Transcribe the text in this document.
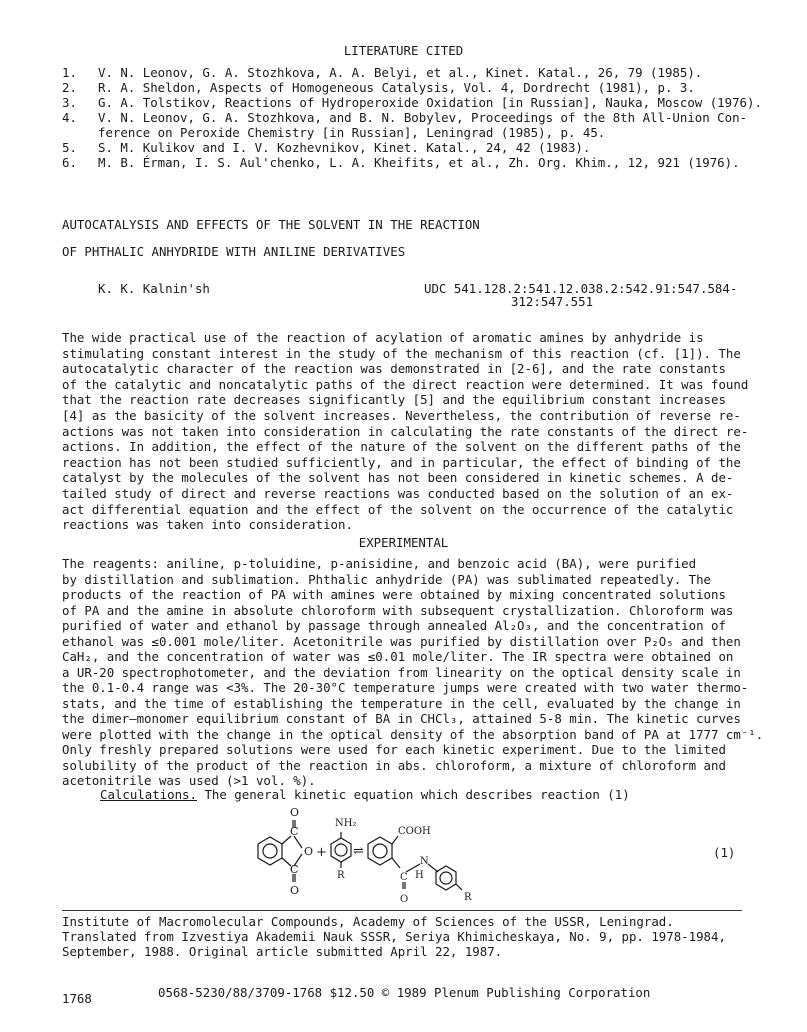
LITERATURE CITED
1.	V. N. Leonov, G. A. Stozhkova, A. A. Belyi, et al., Kinet. Katal., 26, 79 (1985).
2.	R. A. Sheldon, Aspects of Homogeneous Catalysis, Vol. 4, Dordrecht (1981), p. 3.
3.	G. A. Tolstikov, Reactions of Hydroperoxide Oxidation [in Russian], Nauka, Moscow (1976).
4.	V. N. Leonov, G. A. Stozhkova, and B. N. Bobylev, Proceedings of the 8th All-Union Con-
ference on Peroxide Chemistry [in Russian], Leningrad (1985), p. 45.
5.	S. M. Kulikov and I. V. Kozhevnikov, Kinet. Katal., 24, 42 (1983).
6.	M. B. Érman, I. S. Aul'chenko, L. A. Kheifits, et al., Zh. Org. Khim., 12, 921 (1976).
AUTOCATALYSIS AND EFFECTS OF THE SOLVENT IN THE REACTION
OF PHTHALIC ANHYDRIDE WITH ANILINE DERIVATIVES
K. K. Kalnin'sh	UDC 541.128.2:541.12.038.2:542.91:547.584-
312:547.551
The wide practical use of the reaction of acylation of aromatic amines by anhydride is
stimulating constant interest in the study of the mechanism of this reaction (cf. [1]). The
autocatalytic character of the reaction was demonstrated in [2-6], and the rate constants
of the catalytic and noncatalytic paths of the direct reaction were determined. It was found
that the reaction rate decreases significantly [5] and the equilibrium constant increases
[4] as the basicity of the solvent increases. Nevertheless, the contribution of reverse re-
actions was not taken into consideration in calculating the rate constants of the direct re-
actions. In addition, the effect of the nature of the solvent on the different paths of the
reaction has not been studied sufficiently, and in particular, the effect of binding of the
catalyst by the molecules of the solvent has not been considered in kinetic schemes. A de-
tailed study of direct and reverse reactions was conducted based on the solution of an ex-
act differential equation and the effect of the solvent on the occurrence of the catalytic
reactions was taken into consideration.
EXPERIMENTAL
The reagents: aniline, p-toluidine, p-anisidine, and benzoic acid (BA), were purified
by distillation and sublimation. Phthalic anhydride (PA) was sublimated repeatedly. The
products of the reaction of PA with amines were obtained by mixing concentrated solutions
of PA and the amine in absolute chloroform with subsequent crystallization. Chloroform was
purified of water and ethanol by passage through annealed Al₂O₃, and the concentration of
ethanol was ≤0.001 mole/liter. Acetonitrile was purified by distillation over P₂O₅ and then
CaH₂, and the concentration of water was ≤0.01 mole/liter. The IR spectra were obtained on
a UR-20 spectrophotometer, and the deviation from linearity on the optical density scale in
the 0.1-0.4 range was <3%. The 20-30°C temperature jumps were created with two water thermo-
stats, and the time of establishing the temperature in the cell, evaluated by the change in
the dimer—monomer equilibrium constant of BA in CHCl₃, attained 5-8 min. The kinetic curves
were plotted with the change in the optical density of the absorption band of PA at 1777 cm⁻¹.
Only freshly prepared solutions were used for each kinetic experiment. Due to the limited
solubility of the product of the reaction in abs. chloroform, a mixture of chloroform and
acetonitrile was used (>1 vol. %).
Calculations. The general kinetic equation which describes reaction (1)
O
C
O
C
O
+
NH₂
R
⇌
COOH
N
C H
O	R
(1)
Institute of Macromolecular Compounds, Academy of Sciences of the USSR, Leningrad.
Translated from Izvestiya Akademii Nauk SSSR, Seriya Khimicheskaya, No. 9, pp. 1978-1984,
September, 1988. Original article submitted April 22, 1987.
1768	0568-5230/88/3709-1768 $12.50 © 1989 Plenum Publishing Corporation
